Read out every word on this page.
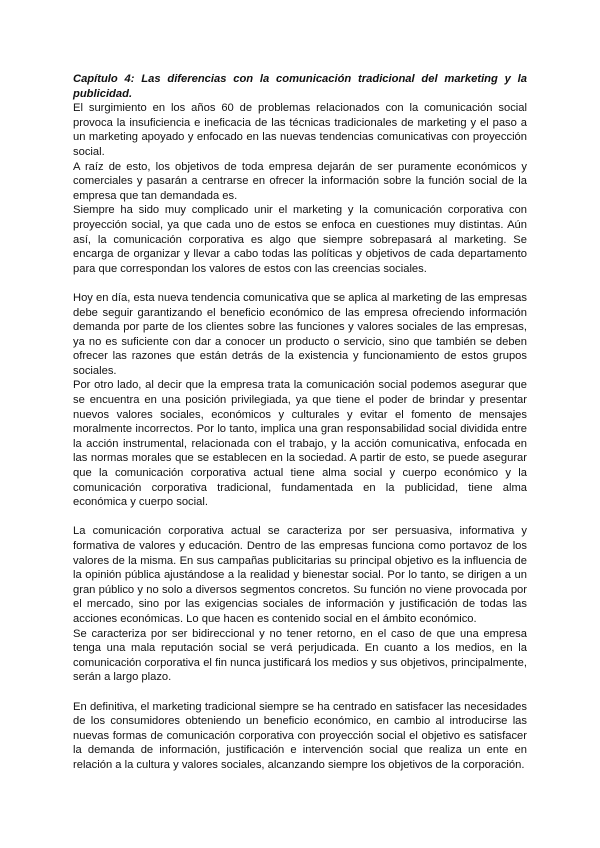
Capítulo 4: Las diferencias con la comunicación tradicional del marketing y la publicidad.

El surgimiento en los años 60 de problemas relacionados con la comunicación social provoca la insuficiencia e ineficacia de las técnicas tradicionales de marketing y el paso a un marketing apoyado y enfocado en las nuevas tendencias comunicativas con proyección social.

A raíz de esto, los objetivos de toda empresa dejarán de ser puramente económicos y comerciales y pasarán a centrarse en ofrecer la información sobre la función social de la empresa que tan demandada es.

Siempre ha sido muy complicado unir el marketing y la comunicación corporativa con proyección social, ya que cada uno de estos se enfoca en cuestiones muy distintas. Aún así, la comunicación corporativa es algo que siempre sobrepasará al marketing. Se encarga de organizar y llevar a cabo todas las políticas y objetivos de cada departamento para que correspondan los valores de estos con las creencias sociales.

Hoy en día, esta nueva tendencia comunicativa que se aplica al marketing de las empresas debe seguir garantizando el beneficio económico de las empresa ofreciendo información demanda por parte de los clientes sobre las funciones y valores sociales de las empresas, ya no es suficiente con dar a conocer un producto o servicio, sino que también se deben ofrecer las razones que están detrás de la existencia y funcionamiento de estos grupos sociales.

Por otro lado, al decir que la empresa trata la comunicación social podemos asegurar que se encuentra en una posición privilegiada, ya que tiene el poder de brindar y presentar nuevos valores sociales, económicos y culturales y evitar el fomento de mensajes moralmente incorrectos. Por lo tanto, implica una gran responsabilidad social dividida entre la acción instrumental, relacionada con el trabajo, y la acción comunicativa, enfocada en las normas morales que se establecen en la sociedad. A partir de esto, se puede asegurar que la comunicación corporativa actual tiene alma social y cuerpo económico y la comunicación corporativa tradicional, fundamentada en la publicidad, tiene alma económica y cuerpo social.

La comunicación corporativa actual se caracteriza por ser persuasiva, informativa y formativa de valores y educación. Dentro de las empresas funciona como portavoz de los valores de la misma. En sus campañas publicitarias su principal objetivo es la influencia de la opinión pública ajustándose a la realidad y bienestar social. Por lo tanto, se dirigen a un gran público y no solo a diversos segmentos concretos. Su función no viene provocada por el mercado, sino por las exigencias sociales de información y justificación de todas las acciones económicas. Lo que hacen es contenido social en el ámbito económico.

Se caracteriza por ser bidireccional y no tener retorno, en el caso de que una empresa tenga una mala reputación social se verá perjudicada. En cuanto a los medios, en la comunicación corporativa el fin nunca justificará los medios y sus objetivos, principalmente, serán a largo plazo.

En definitiva, el marketing tradicional siempre se ha centrado en satisfacer las necesidades de los consumidores obteniendo un beneficio económico, en cambio al introducirse las nuevas formas de comunicación corporativa con proyección social el objetivo es satisfacer la demanda de información, justificación e intervención social que realiza un ente en relación a la cultura y valores sociales, alcanzando siempre los objetivos de la corporación.
